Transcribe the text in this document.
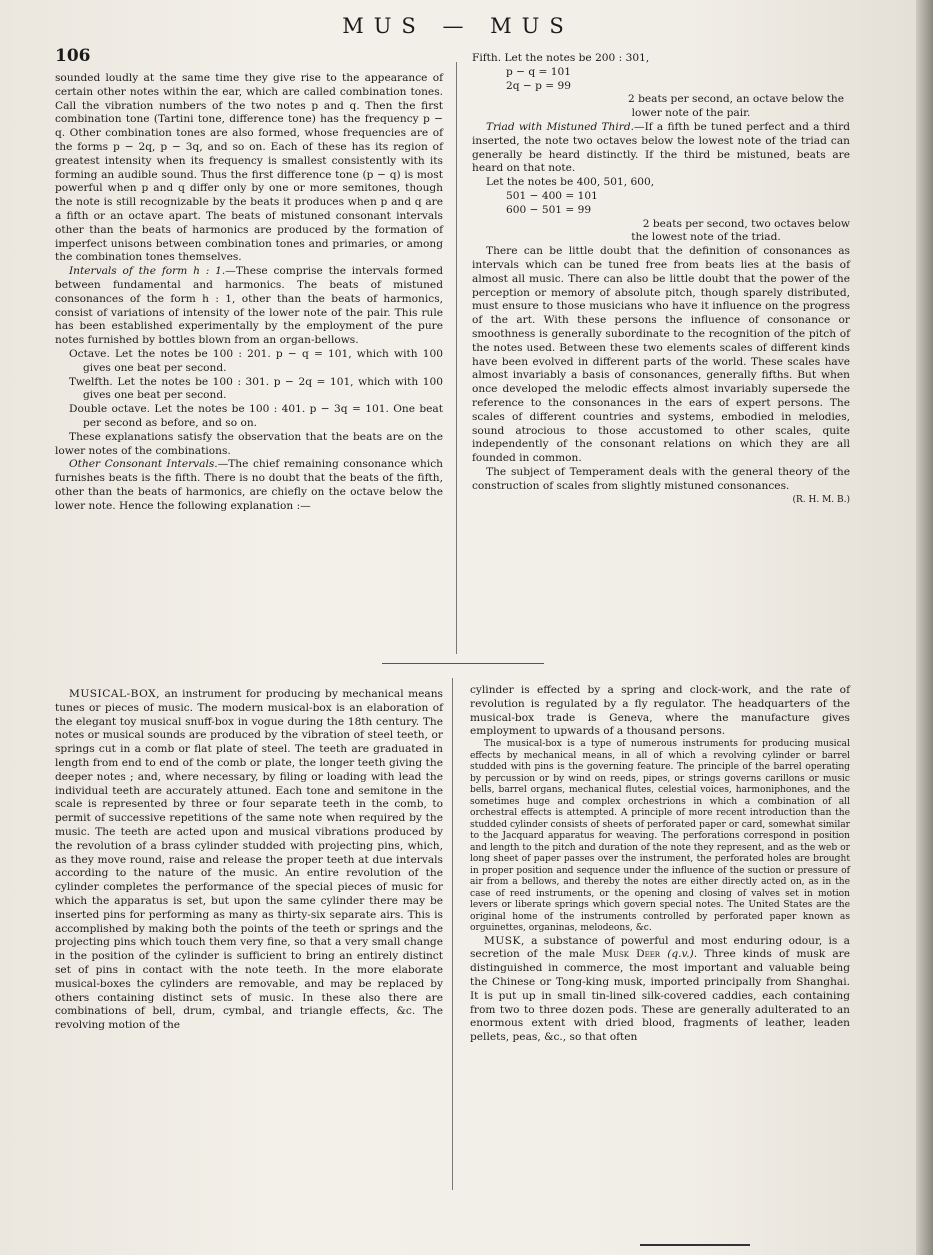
MUS — MUS
106

sounded loudly at the same time they give rise to the appearance of certain other notes within the ear, which are called combination tones. Call the vibration numbers of the two notes p and q. Then the first combination tone (Tartini tone, difference tone) has the frequency p − q. Other combination tones are also formed, whose frequencies are of the forms p − 2q, p − 3q, and so on. Each of these has its region of greatest intensity when its frequency is smallest consistently with its forming an audible sound. Thus the first difference tone (p − q) is most powerful when p and q differ only by one or more semitones, though the note is still recognizable by the beats it produces when p and q are a fifth or an octave apart. The beats of mistuned consonant intervals other than the beats of harmonics are produced by the formation of imperfect unisons between combination tones and primaries, or among the combination tones themselves.

Intervals of the form h : 1.—These comprise the intervals formed between fundamental and harmonics. The beats of mistuned consonances of the form h : 1, other than the beats of harmonics, consist of variations of intensity of the lower note of the pair. This rule has been established experimentally by the employment of the pure notes furnished by bottles blown from an organ-bellows.

Octave. Let the notes be 100 : 201. p − q = 101, which with 100 gives one beat per second.

Twelfth. Let the notes be 100 : 301. p − 2q = 101, which with 100 gives one beat per second.

Double octave. Let the notes be 100 : 401. p − 3q = 101. One beat per second as before, and so on.

These explanations satisfy the observation that the beats are on the lower notes of the combinations.

Other Consonant Intervals.—The chief remaining consonance which furnishes beats is the fifth. There is no doubt that the beats of the fifth, other than the beats of harmonics, are chiefly on the octave below the lower note. Hence the following explanation :—

Fifth. Let the notes be 200 : 301,

p − q = 101

2q − p = 99

2 beats per second, an octave below the

lower note of the pair.

Triad with Mistuned Third.—If a fifth be tuned perfect and a third inserted, the note two octaves below the lowest note of the triad can generally be heard distinctly. If the third be mistuned, beats are heard on that note.

Let the notes be 400, 501, 600,

501 − 400 = 101

600 − 501 = 99

2 beats per second, two octaves below

the lowest note of the triad.

There can be little doubt that the definition of consonances as intervals which can be tuned free from beats lies at the basis of almost all music. There can also be little doubt that the power of the perception or memory of absolute pitch, though sparely distributed, must ensure to those musicians who have it influence on the progress of the art. With these persons the influence of consonance or smoothness is generally subordinate to the recognition of the pitch of the notes used. Between these two elements scales of different kinds have been evolved in different parts of the world. These scales have almost invariably a basis of consonances, generally fifths. But when once developed the melodic effects almost invariably supersede the reference to the consonances in the ears of expert persons. The scales of different countries and systems, embodied in melodies, sound atrocious to those accustomed to other scales, quite independently of the consonant relations on which they are all founded in common.

The subject of Temperament deals with the general theory of the construction of scales from slightly mistuned consonances.
(R. H. M. B.)

MUSICAL-BOX, an instrument for producing by mechanical means tunes or pieces of music. The modern musical-box is an elaboration of the elegant toy musical snuff-box in vogue during the 18th century. The notes or musical sounds are produced by the vibration of steel teeth, or springs cut in a comb or flat plate of steel. The teeth are graduated in length from end to end of the comb or plate, the longer teeth giving the deeper notes ; and, where necessary, by filing or loading with lead the individual teeth are accurately attuned. Each tone and semitone in the scale is represented by three or four separate teeth in the comb, to permit of successive repetitions of the same note when required by the music. The teeth are acted upon and musical vibrations produced by the revolution of a brass cylinder studded with projecting pins, which, as they move round, raise and release the proper teeth at due intervals according to the nature of the music. An entire revolution of the cylinder completes the performance of the special pieces of music for which the apparatus is set, but upon the same cylinder there may be inserted pins for performing as many as thirty-six separate airs. This is accomplished by making both the points of the teeth or springs and the projecting pins which touch them very fine, so that a very small change in the position of the cylinder is sufficient to bring an entirely distinct set of pins in contact with the note teeth. In the more elaborate musical-boxes the cylinders are removable, and may be replaced by others containing distinct sets of music. In these also there are combinations of bell, drum, cymbal, and triangle effects, &c. The revolving motion of the

cylinder is effected by a spring and clock-work, and the rate of revolution is regulated by a fly regulator. The headquarters of the musical-box trade is Geneva, where the manufacture gives employment to upwards of a thousand persons.

The musical-box is a type of numerous instruments for producing musical effects by mechanical means, in all of which a revolving cylinder or barrel studded with pins is the governing feature. The principle of the barrel operating by percussion or by wind on reeds, pipes, or strings governs carillons or music bells, barrel organs, mechanical flutes, celestial voices, harmoniphones, and the sometimes huge and complex orchestrions in which a combination of all orchestral effects is attempted. A principle of more recent introduction than the studded cylinder consists of sheets of perforated paper or card, somewhat similar to the Jacquard apparatus for weaving. The perforations correspond in position and length to the pitch and duration of the note they represent, and as the web or long sheet of paper passes over the instrument, the perforated holes are brought in proper position and sequence under the influence of the suction or pressure of air from a bellows, and thereby the notes are either directly acted on, as in the case of reed instruments, or the opening and closing of valves set in motion levers or liberate springs which govern special notes. The United States are the original home of the instruments controlled by perforated paper known as orguinettes, organinas, melodeons, &c.

MUSK, a substance of powerful and most enduring odour, is a secretion of the male Musk Deer (q.v.). Three kinds of musk are distinguished in commerce, the most important and valuable being the Chinese or Tong-king musk, imported principally from Shanghai. It is put up in small tin-lined silk-covered caddies, each containing from two to three dozen pods. These are generally adulterated to an enormous extent with dried blood, fragments of leather, leaden pellets, peas, &c., so that often
